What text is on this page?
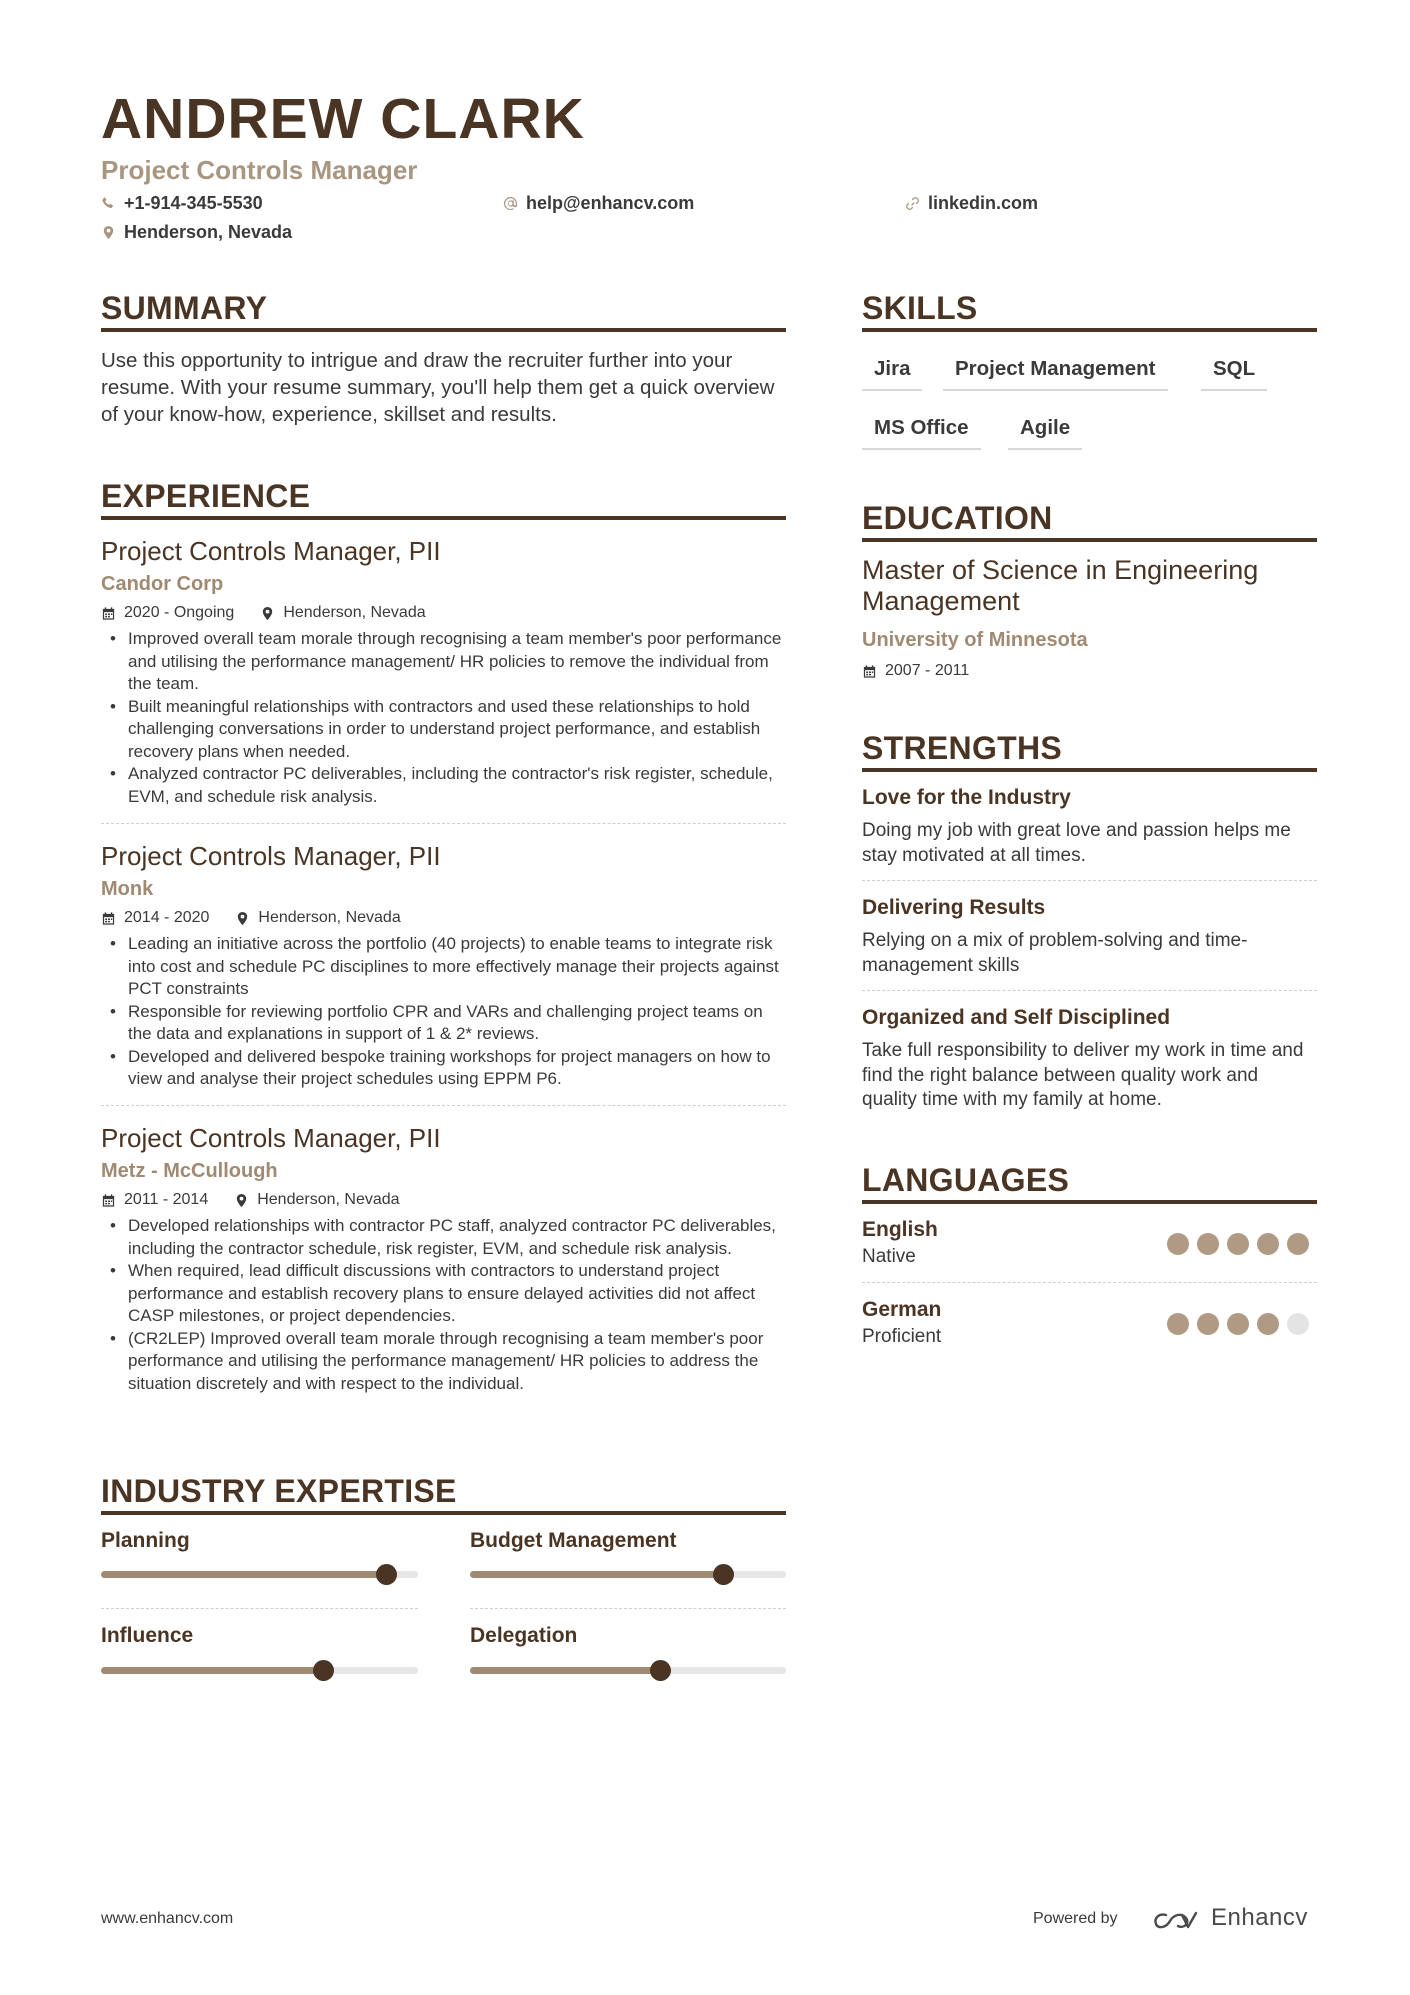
ANDREW CLARK
Project Controls Manager
+1-914-345-5530	help@enhancv.com	linkedin.com
Henderson, Nevada
SUMMARY
Use this opportunity to intrigue and draw the recruiter further into your resume. With your resume summary, you'll help them get a quick overview of your know-how, experience, skillset and results.
EXPERIENCE
Project Controls Manager, PII
Candor Corp
2020 - Ongoing	Henderson, Nevada
• Improved overall team morale through recognising a team member's poor performance and utilising the performance management/ HR policies to remove the individual from the team.
• Built meaningful relationships with contractors and used these relationships to hold challenging conversations in order to understand project performance, and establish recovery plans when needed.
• Analyzed contractor PC deliverables, including the contractor's risk register, schedule, EVM, and schedule risk analysis.
Project Controls Manager, PII
Monk
2014 - 2020	Henderson, Nevada
• Leading an initiative across the portfolio (40 projects) to enable teams to integrate risk into cost and schedule PC disciplines to more effectively manage their projects against PCT constraints
• Responsible for reviewing portfolio CPR and VARs and challenging project teams on the data and explanations in support of 1 & 2* reviews.
• Developed and delivered bespoke training workshops for project managers on how to view and analyse their project schedules using EPPM P6.
Project Controls Manager, PII
Metz - McCullough
2011 - 2014	Henderson, Nevada
• Developed relationships with contractor PC staff, analyzed contractor PC deliverables, including the contractor schedule, risk register, EVM, and schedule risk analysis.
• When required, lead difficult discussions with contractors to understand project performance and establish recovery plans to ensure delayed activities did not affect CASP milestones, or project dependencies.
• (CR2LEP) Improved overall team morale through recognising a team member's poor performance and utilising the performance management/ HR policies to address the situation discretely and with respect to the individual.
INDUSTRY EXPERTISE
Planning	Budget Management
Influence	Delegation
SKILLS
Jira	Project Management	SQL
MS Office	Agile
EDUCATION
Master of Science in Engineering Management
University of Minnesota
2007 - 2011
STRENGTHS
Love for the Industry
Doing my job with great love and passion helps me stay motivated at all times.
Delivering Results
Relying on a mix of problem-solving and time-management skills
Organized and Self Disciplined
Take full responsibility to deliver my work in time and find the right balance between quality work and quality time with my family at home.
LANGUAGES
English
Native
German
Proficient
www.enhancv.com	Powered by	Enhancv
